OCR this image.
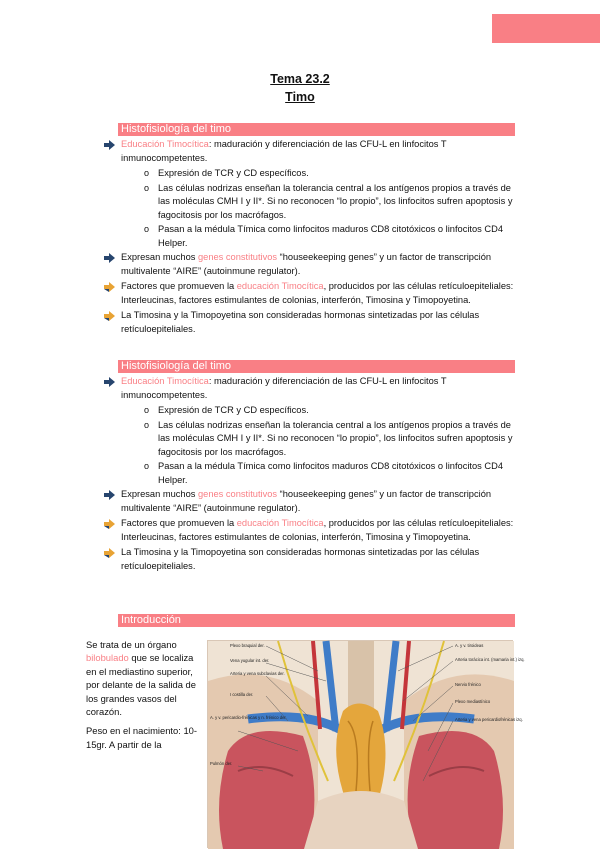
Tema 23.2
Timo
Histofisiología del timo
Educación Timocítica: maduración y diferenciación de las CFU-L en linfocitos T inmunocompetentes.
o Expresión de TCR y CD específicos.
o Las células nodrizas enseñan la tolerancia central a los antígenos propios a través de las moléculas CMH I y II*. Si no reconocen “lo propio”, los linfocitos sufren apoptosis y fagocitosis por los macrófagos.
o Pasan a la médula Tímica como linfocitos maduros CD8 citotóxicos o linfocitos CD4 Helper.
Expresan muchos genes constitutivos “houseekeeping genes” y un factor de transcripción multivalente “AIRE” (autoinmune regulator).
Factores que promueven la educación Timocítica, producidos por las células retículoepiteliales: Interleucinas, factores estimulantes de colonias, interferón, Timosina y Timopoyetina.
La Timosina y la Timopoyetina son consideradas hormonas sintetizadas por las células retículoepiteliales.
Histofisiología del timo
Educación Timocítica: maduración y diferenciación de las CFU-L en linfocitos T inmunocompetentes.
o Expresión de TCR y CD específicos.
o Las células nodrizas enseñan la tolerancia central a los antígenos propios a través de las moléculas CMH I y II*. Si no reconocen “lo propio”, los linfocitos sufren apoptosis y fagocitosis por los macrófagos.
o Pasan a la médula Tímica como linfocitos maduros CD8 citotóxicos o linfocitos CD4 Helper.
Expresan muchos genes constitutivos “houseekeeping genes” y un factor de transcripción multivalente “AIRE” (autoinmune regulator).
Factores que promueven la educación Timocítica, producidos por las células retículoepiteliales: Interleucinas, factores estimulantes de colonias, interferón, Timosina y Timopoyetina.
La Timosina y la Timopoyetina son consideradas hormonas sintetizadas por las células retículoepiteliales.
Introducción

Se trata de un órgano bilobulado que se localiza en el mediastino superior, por delante de la salida de los grandes vasos del corazón.

Peso en el nacimiento: 10-15gr. A partir de la

Plexo braquial der.
Vena yugular int. der.
Arteria y vena subclavias der.
I costilla der.
A. y v. pericardio-frénicas y n. frénico der.
Pulmón der.
A. y v. tiroideas
Arteria torácica int. (mamaria int.) izq.
Nervio frénico
Plexo mediastínico
Arteria y vena pericardiofrénicas izq.
